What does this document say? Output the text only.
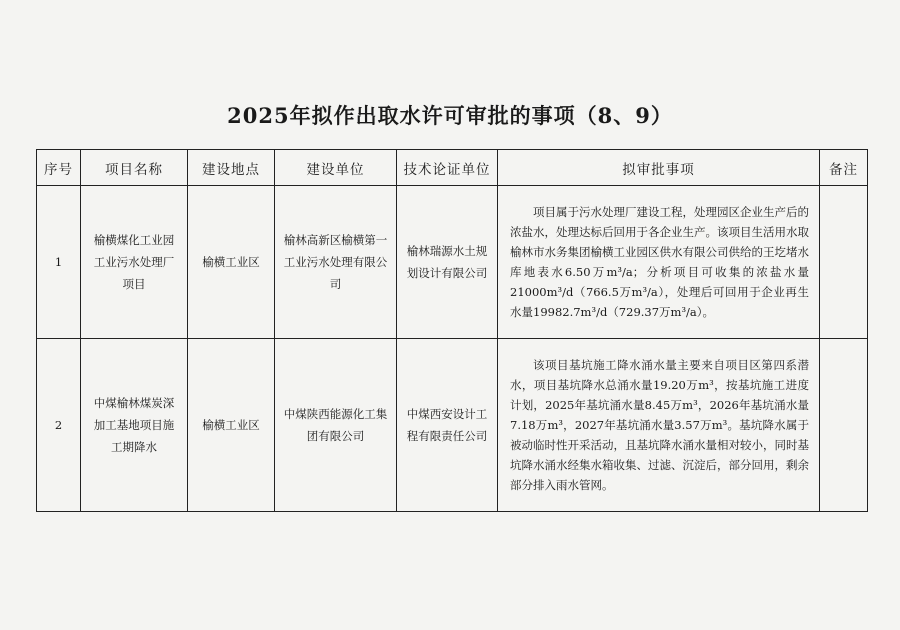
2025年拟作出取水许可审批的事项（8、9）
序号	项目名称	建设地点	建设单位	技术论证单位	拟审批事项	备注
1	榆横煤化工业园工业污水处理厂项目	榆横工业区	榆林高新区榆横第一工业污水处理有限公司	榆林瑞源水土规划设计有限公司	项目属于污水处理厂建设工程，处理园区企业生产后的浓盐水，处理达标后回用于各企业生产。该项目生活用水取榆林市水务集团榆横工业园区供水有限公司供给的王圪堵水库地表水6.50万m³/a；分析项目可收集的浓盐水量21000m³/d（766.5万m³/a），处理后可回用于企业再生水量19982.7m³/d（729.37万m³/a）。	

2	中煤榆林煤炭深加工基地项目施工期降水	榆横工业区	中煤陕西能源化工集团有限公司	中煤西安设计工程有限责任公司	该项目基坑施工降水涌水量主要来自项目区第四系潜水，项目基坑降水总涌水量19.20万m³，按基坑施工进度计划，2025年基坑涌水量8.45万m³，2026年基坑涌水量7.18万m³，2027年基坑涌水量3.57万m³。基坑降水属于被动临时性开采活动，且基坑降水涌水量相对较小，同时基坑降水涌水经集水箱收集、过滤、沉淀后，部分回用，剩余部分排入雨水管网。	
